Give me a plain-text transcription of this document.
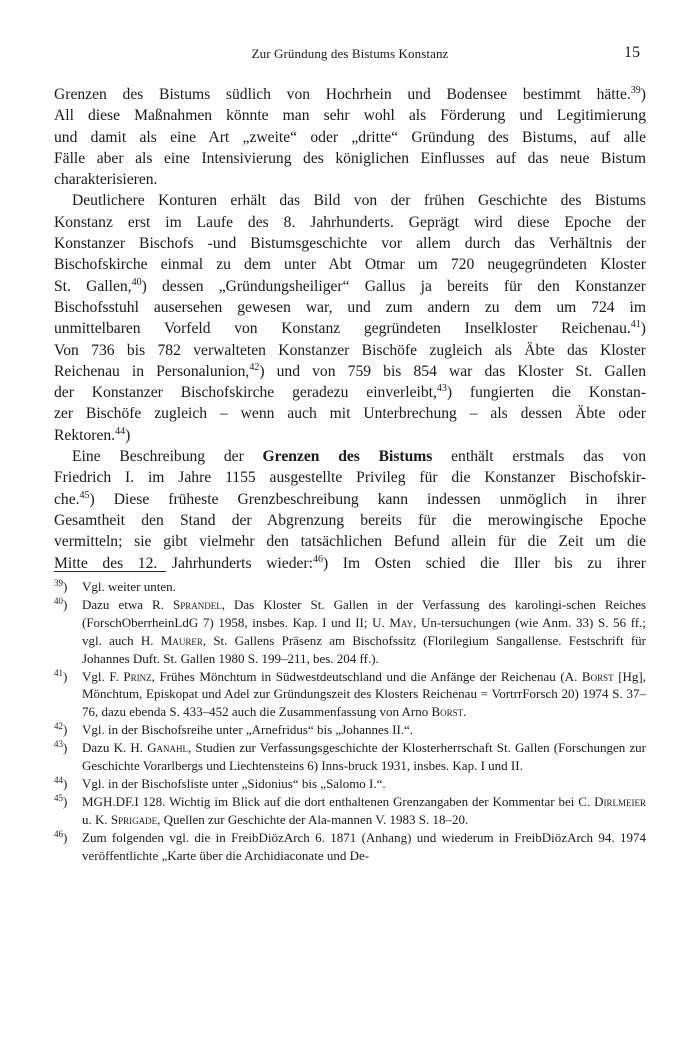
Zur Gründung des Bistums Konstanz	15

Grenzen des Bistums südlich von Hochrhein und Bodensee bestimmt hätte.$^{39}$)
All diese Maßnahmen könnte man sehr wohl als Förderung und Legitimierung
und damit als eine Art „zweite“ oder „dritte“ Gründung des Bistums, auf alle
Fälle aber als eine Intensivierung des königlichen Einflusses auf das neue Bistum
charakterisieren.

Deutlichere Konturen erhält das Bild von der frühen Geschichte des Bistums
Konstanz erst im Laufe des 8. Jahrhunderts. Geprägt wird diese Epoche der
Konstanzer Bischofs -und Bistumsgeschichte vor allem durch das Verhältnis der
Bischofskirche einmal zu dem unter Abt Otmar um 720 neugegründeten Kloster
St. Gallen,$^{40}$) dessen „Gründungsheiliger“ Gallus ja bereits für den Konstanzer
Bischofsstuhl ausersehen gewesen war, und zum andern zu dem um 724 im
unmittelbaren Vorfeld von Konstanz gegründeten Inselkloster Reichenau.$^{41}$)
Von 736 bis 782 verwalteten Konstanzer Bischöfe zugleich als Äbte das Kloster
Reichenau in Personalunion,$^{42}$) und von 759 bis 854 war das Kloster St. Gallen
der Konstanzer Bischofskirche geradezu einverleibt,$^{43}$) fungierten die Konstan-
zer Bischöfe zugleich – wenn auch mit Unterbrechung – als dessen Äbte oder
Rektoren.$^{44}$)

Eine Beschreibung der Grenzen des Bistums enthält erstmals das von
Friedrich I. im Jahre 1155 ausgestellte Privileg für die Konstanzer Bischofskir-
che.$^{45}$) Diese früheste Grenzbeschreibung kann indessen unmöglich in ihrer
Gesamtheit den Stand der Abgrenzung bereits für die merowingische Epoche
vermitteln; sie gibt vielmehr den tatsächlichen Befund allein für die Zeit um die
Mitte des 12. Jahrhunderts wieder:$^{46}$) Im Osten schied die Iller bis zu ihrer

$^{39}$) Vgl. weiter unten.
$^{40}$) Dazu etwa R. Sprandel, Das Kloster St. Gallen in der Verfassung des karolingi-schen Reiches (ForschOberrheinLdG 7) 1958, insbes. Kap. I und II; U. May, Un-tersuchungen (wie Anm. 33) S. 56 ff.; vgl. auch H. Maurer, St. Gallens Präsenz am Bischofssitz (Florilegium Sangallense. Festschrift für Johannes Duft. St. Gallen 1980 S. 199–211, bes. 204 ff.).
$^{41}$) Vgl. F. Prinz, Frühes Mönchtum in Südwestdeutschland und die Anfänge der Reichenau (A. Borst [Hg], Mönchtum, Episkopat und Adel zur Gründungszeit des Klosters Reichenau = VortrrForsch 20) 1974 S. 37–76, dazu ebenda S. 433–452 auch die Zusammenfassung von Arno Borst.
$^{42}$) Vgl. in der Bischofsreihe unter „Arnefridus“ bis „Johannes II.“.
$^{43}$) Dazu K. H. Ganahl, Studien zur Verfassungsgeschichte der Klosterherrschaft St. Gallen (Forschungen zur Geschichte Vorarlbergs und Liechtensteins 6) Inns-bruck 1931, insbes. Kap. I und II.
$^{44}$) Vgl. in der Bischofsliste unter „Sidonius“ bis „Salomo I.“.
$^{45}$) MGH.DF.I 128. Wichtig im Blick auf die dort enthaltenen Grenzangaben der Kommentar bei C. Dirlmeier u. K. Sprigade, Quellen zur Geschichte der Ala-mannen V. 1983 S. 18–20.
$^{46}$) Zum folgenden vgl. die in FreibDiözArch 6. 1871 (Anhang) und wiederum in FreibDiözArch 94. 1974 veröffentlichte „Karte über die Archidiaconate und De-
